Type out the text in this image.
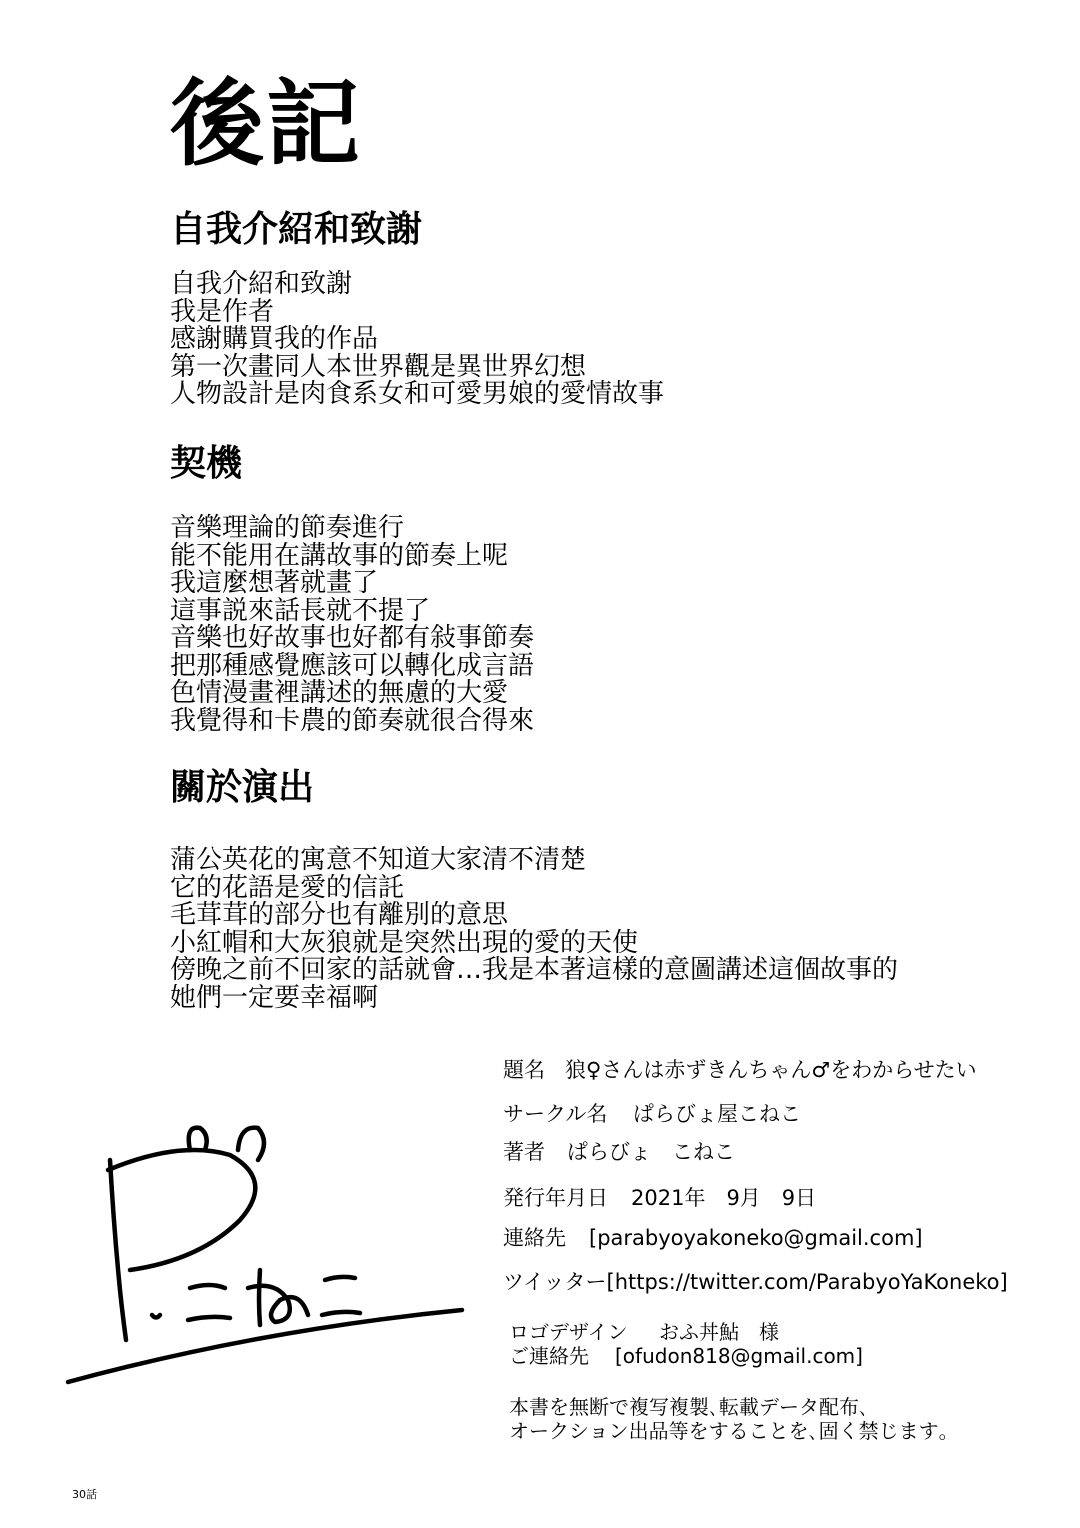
後記
自我介紹和致謝
自我介紹和致謝
我是作者
感謝購買我的作品
第一次畫同人本世界觀是異世界幻想
人物設計是肉食系女和可愛男娘的愛情故事
契機
音樂理論的節奏進行
能不能用在講故事的節奏上呢
我這麼想著就畫了
這事説來話長就不提了
音樂也好故事也好都有敍事節奏
把那種感覺應該可以轉化成言語
色情漫畫裡講述的無慮的大愛
我覺得和卡農的節奏就很合得來
關於演出
蒲公英花的寓意不知道大家清不清楚
它的花語是愛的信託
毛茸茸的部分也有離別的意思
小紅帽和大灰狼就是突然出現的愛的天使
傍晚之前不回家的話就會…我是本著這樣的意圖講述這個故事的
她們一定要幸福啊
題名 狼♀さんは赤ずきんちゃん♂をわからせたい
サークル名 ぱらびょ屋こねこ
著者 ぱらびょ　こねこ
発行年月日 2021年　9月　9日
連絡先 [parabyoyakoneko@gmail.com]
ツイッター[https://twitter.com/ParabyoYaKoneko]
ロゴデザイン おふ丼鮎　様
ご連絡先 [ofudon818@gmail.com]
本書を無断で複写複製､転載データ配布､
オークション出品等をすることを､固く禁じます｡
30話
